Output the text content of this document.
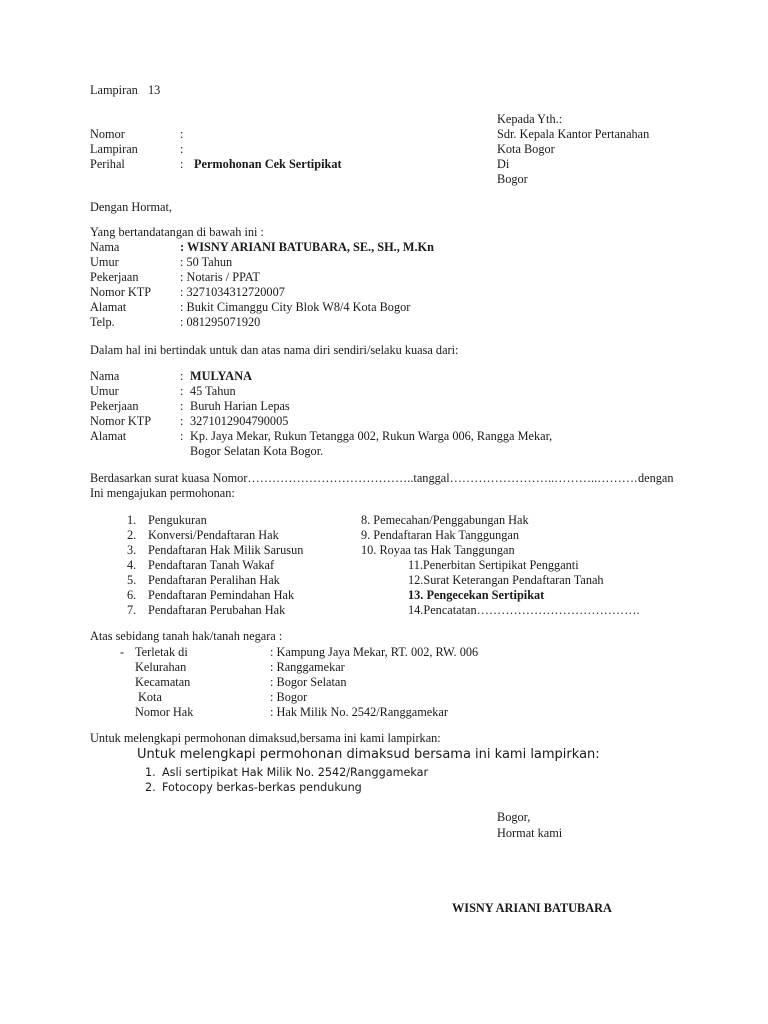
Lampiran 13
Kepada Yth.:
Sdr. Kepala Kantor Pertanahan
Kota Bogor
Di
Bogor
Nomor	:
Lampiran	:
Perihal	: Permohonan Cek Sertipikat
Dengan Hormat,
Yang bertandatangan di bawah ini :
Nama	: WISNY ARIANI BATUBARA, SE., SH., M.Kn
Umur	: 50 Tahun
Pekerjaan	: Notaris / PPAT
Nomor KTP : 3271034312720007
Alamat	: Bukit Cimanggu City Blok W8/4 Kota Bogor
Telp.	: 081295071920
Dalam hal ini bertindak untuk dan atas nama diri sendiri/selaku kuasa dari:
Nama	: MULYANA
Umur	: 45 Tahun
Pekerjaan	: Buruh Harian Lepas
Nomor KTP : 3271012904790005
Alamat	: Kp. Jaya Mekar, Rukun Tetangga 002, Rukun Warga 006, Rangga Mekar,
Bogor Selatan Kota Bogor.
Berdasarkan surat kuasa Nomor…………………………………..tanggal……………………..………..………. dengan
Ini mengajukan permohonan:
1. Pengukuran
2. Konversi/Pendaftaran Hak
3. Pendaftaran Hak Milik Sarusun
4. Pendaftaran Tanah Wakaf
5. Pendaftaran Peralihan Hak
6. Pendaftaran Pemindahan Hak
7. Pendaftaran Perubahan Hak
8. Pemecahan/Penggabungan Hak
9. Pendaftaran Hak Tanggungan
10. Royaa tas Hak Tanggungan
11.Penerbitan Sertipikat Pengganti
12.Surat Keterangan Pendaftaran Tanah
13. Pengecekan Sertipikat
14.Pencatatan………………………………….
Atas sebidang tanah hak/tanah negara :
- Terletak di	: Kampung Jaya Mekar, RT. 002, RW. 006
Kelurahan	: Ranggamekar
Kecamatan	: Bogor Selatan
Kota	: Bogor
Nomor Hak	: Hak Milik No. 2542/Ranggamekar
Untuk melengkapi permohonan dimaksud,bersama ini kami lampirkan:
Untuk melengkapi permohonan dimaksud bersama ini kami lampirkan:
1. Asli sertipikat Hak Milik No. 2542/Ranggamekar
2. Fotocopy berkas-berkas pendukung
Bogor,
Hormat kami
WISNY ARIANI BATUBARA
